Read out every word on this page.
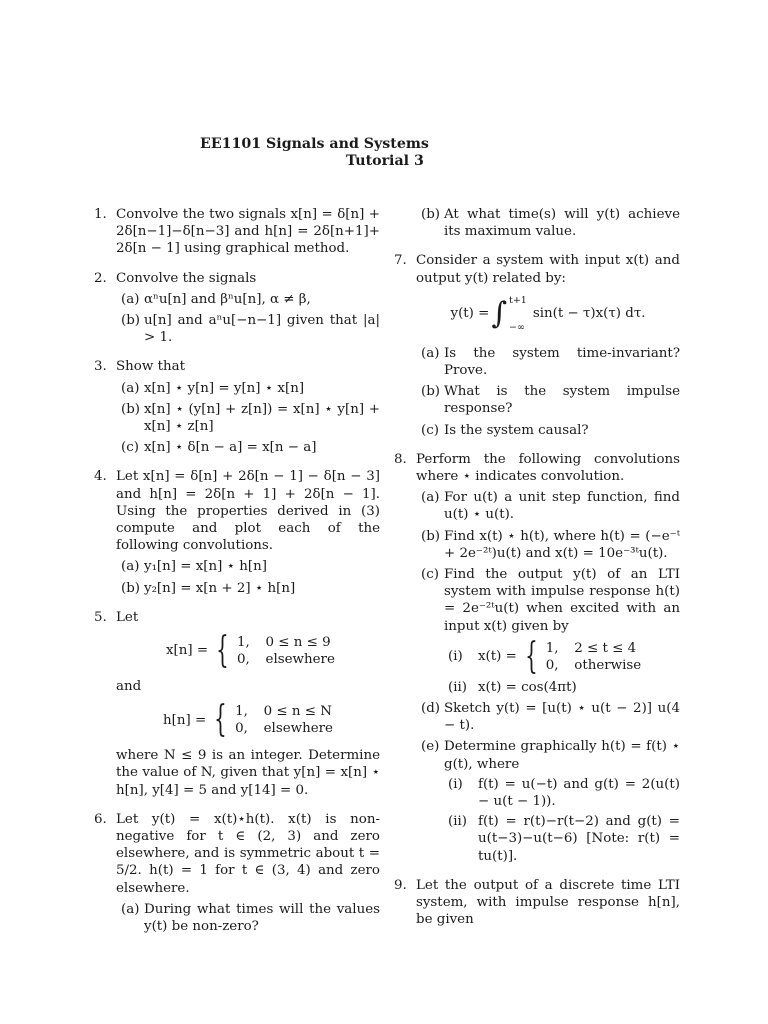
EE1101 Signals and Systems
Tutorial 3
1. Convolve the two signals x[n] = δ[n] + 2δ[n−1]−δ[n−3] and h[n] = 2δ[n+1]+ 2δ[n − 1] using graphical method.
2. Convolve the signals
(a) αⁿu[n] and βⁿu[n], α ≠ β,
(b) u[n] and aⁿu[−n−1] given that |a| > 1.
3. Show that
(a) x[n] ⋆ y[n] = y[n] ⋆ x[n]
(b) x[n] ⋆ (y[n] + z[n]) = x[n] ⋆ y[n] + x[n] ⋆ z[n]
(c) x[n] ⋆ δ[n − a] = x[n − a]
4. Let x[n] = δ[n] + 2δ[n − 1] − δ[n − 3] and h[n] = 2δ[n + 1] + 2δ[n − 1]. Using the properties derived in (3) compute and plot each of the following convolutions.
(a) y₁[n] = x[n] ⋆ h[n]
(b) y₂[n] = x[n + 2] ⋆ h[n]
5. Let
x[n] = { 1, 0 ≤ n ≤ 9
0, elsewhere
and
h[n] = { 1, 0 ≤ n ≤ N
0, elsewhere
where N ≤ 9 is an integer. Determine the value of N, given that y[n] = x[n] ⋆ h[n], y[4] = 5 and y[14] = 0.
6. Let y(t) = x(t)⋆h(t). x(t) is non-negative for t ∈ (2, 3) and zero elsewhere, and is symmetric about t = 5/2. h(t) = 1 for t ∈ (3, 4) and zero elsewhere.
(a) During what times will the values y(t) be non-zero?
(b) At what time(s) will y(t) achieve its maximum value.
7. Consider a system with input x(t) and output y(t) related by:
y(t) = ∫ t+1
−∞
sin(t − τ)x(τ) dτ.
(a) Is the system time-invariant? Prove.
(b) What is the system impulse response?
(c) Is the system causal?
8. Perform the following convolutions where ⋆ indicates convolution.
(a) For u(t) a unit step function, find u(t) ⋆ u(t).
(b) Find x(t) ⋆ h(t), where h(t) = (−e⁻ᵗ + 2e⁻²ᵗ)u(t) and x(t) = 10e⁻³ᵗu(t).
(c) Find the output y(t) of an LTI system with impulse response h(t) = 2e⁻²ᵗu(t) when excited with an input x(t) given by
(i) x(t) = { 1, 2 ≤ t ≤ 4
0, otherwise
(ii) x(t) = cos(4πt)
(d) Sketch y(t) = [u(t) ⋆ u(t − 2)] u(4 − t).
(e) Determine graphically h(t) = f(t) ⋆ g(t), where
(i) f(t) = u(−t) and g(t) = 2(u(t) − u(t − 1)).
(ii) f(t) = r(t)−r(t−2) and g(t) = u(t−3)−u(t−6) [Note: r(t) = tu(t)].
9. Let the output of a discrete time LTI system, with impulse response h[n], be given
